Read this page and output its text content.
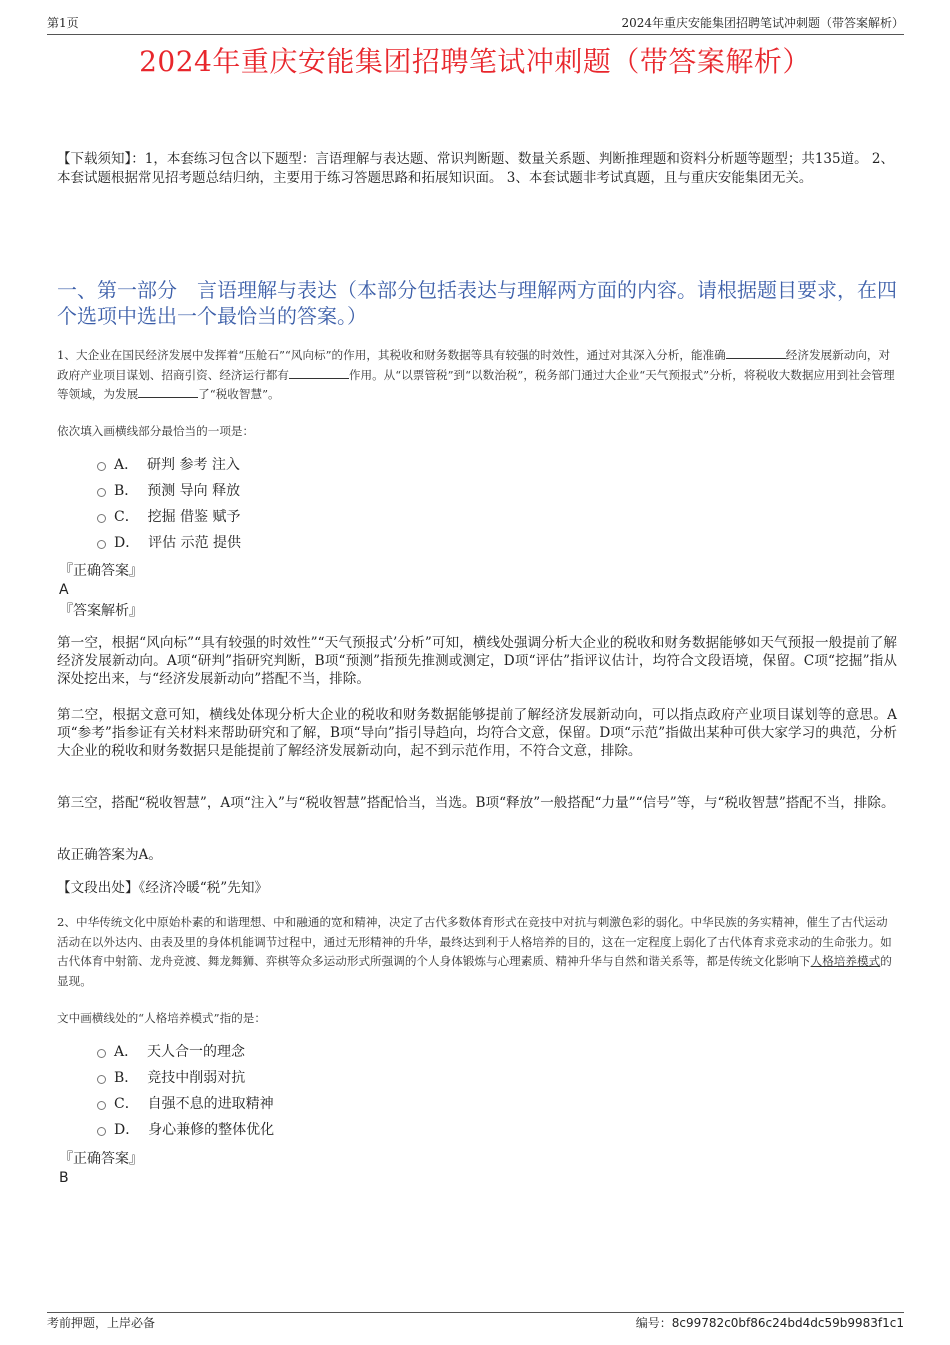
第1页	2024年重庆安能集团招聘笔试冲刺题（带答案解析）
2024年重庆安能集团招聘笔试冲刺题（带答案解析）
【下载须知】：1，本套练习包含以下题型：言语理解与表达题、常识判断题、数量关系题、判断推理题和资料分析题等题型；共135道。 2、本套试题根据常见招考题总结归纳，主要用于练习答题思路和拓展知识面。 3、本套试题非考试真题，且与重庆安能集团无关。
一、第一部分　言语理解与表达（本部分包括表达与理解两方面的内容。请根据题目要求，在四个选项中选出一个最恰当的答案。）
1、大企业在国民经济发展中发挥着“压舱石”“风向标”的作用，其税收和财务数据等具有较强的时效性，通过对其深入分析，能准确	经济发展新动向，对政府产业项目谋划、招商引资、经济运行都有	作用。从“以票管税”到“以数治税”，税务部门通过大企业“天气预报式”分析，将税收大数据应用到社会管理等领域，为发展	了“税收智慧”。
依次填入画横线部分最恰当的一项是：
A．  研判 参考 注入
B．  预测 导向 释放
C．  挖掘 借鉴 赋予
D．  评估 示范 提供
『正确答案』
A
『答案解析』
第一空，根据“风向标”“具有较强的时效性”“天气预报式’分析”可知，横线处强调分析大企业的税收和财务数据能够如天气预报一般提前了解经济发展新动向。A项“研判”指研究判断，B项“预测”指预先推测或测定，D项“评估”指评议估计，均符合文段语境，保留。C项“挖掘”指从深处挖出来，与“经济发展新动向”搭配不当，排除。
第二空，根据文意可知，横线处体现分析大企业的税收和财务数据能够提前了解经济发展新动向，可以指点政府产业项目谋划等的意思。A项“参考”指参证有关材料来帮助研究和了解，B项“导向”指引导趋向，均符合文意，保留。D项“示范”指做出某种可供大家学习的典范，分析大企业的税收和财务数据只是能提前了解经济发展新动向，起不到示范作用，不符合文意，排除。
第三空，搭配“税收智慧”，A项“注入”与“税收智慧”搭配恰当，当选。B项“释放”一般搭配“力量”“信号”等，与“税收智慧”搭配不当，排除。
故正确答案为A。
【文段出处】《经济冷暖“税”先知》
2、中华传统文化中原始朴素的和谐理想、中和融通的宽和精神，决定了古代多数体育形式在竞技中对抗与刺激色彩的弱化。中华民族的务实精神，催生了古代运动活动在以外达内、由表及里的身体机能调节过程中，通过无形精神的升华，最终达到利于人格培养的目的，这在一定程度上弱化了古代体育求竞求动的生命张力。如古代体育中射箭、龙舟竞渡、舞龙舞狮、弈棋等众多运动形式所强调的个人身体锻炼与心理素质、精神升华与自然和谐关系等，都是传统文化影响下人格培养模式的显现。
文中画横线处的“人格培养模式”指的是：
A．  天人合一的理念
B．  竞技中削弱对抗
C．  自强不息的进取精神
D．  身心兼修的整体优化
『正确答案』
B
考前押题，上岸必备	编号：8c99782c0bf86c24bd4dc59b9983f1c1
